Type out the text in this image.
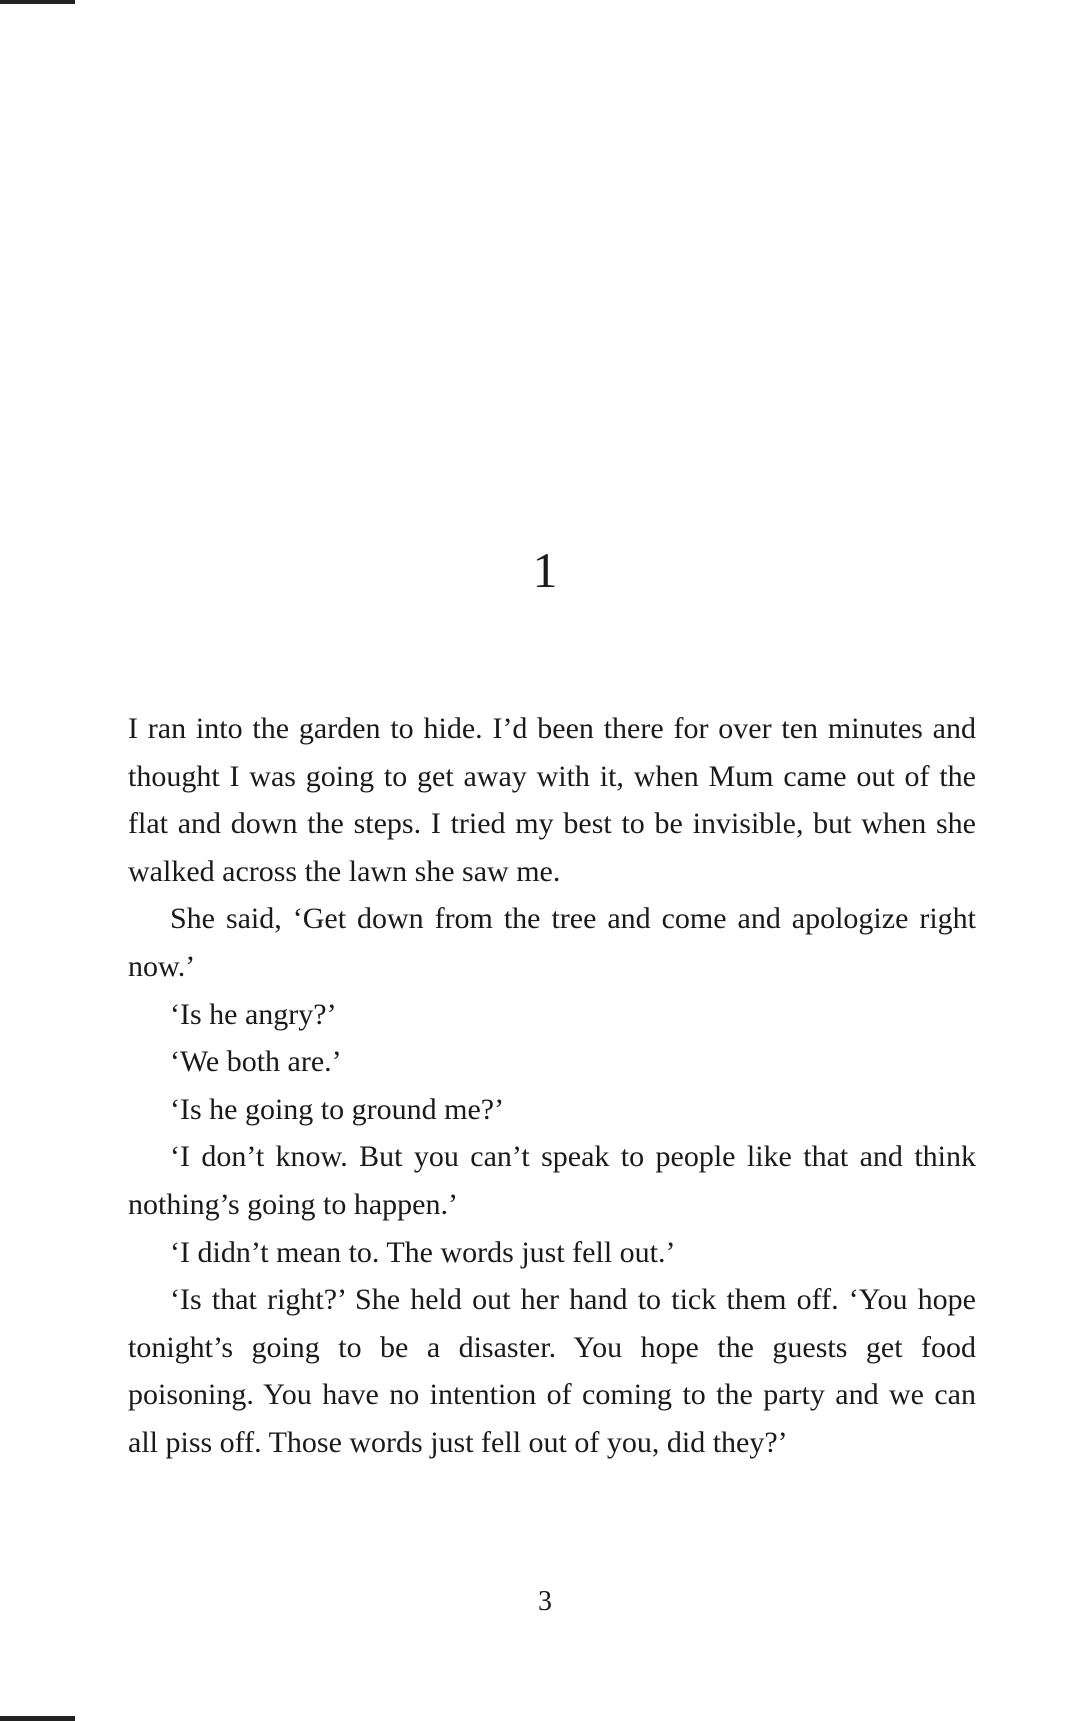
1

I ran into the garden to hide. I’d been there for over ten minutes and thought I was going to get away with it, when Mum came out of the flat and down the steps. I tried my best to be invisible, but when she walked across the lawn she saw me.

She said, ‘Get down from the tree and come and apologize right now.’

‘Is he angry?’

‘We both are.’

‘Is he going to ground me?’

‘I don’t know. But you can’t speak to people like that and think nothing’s going to happen.’

‘I didn’t mean to. The words just fell out.’

‘Is that right?’ She held out her hand to tick them off. ‘You hope tonight’s going to be a disaster. You hope the guests get food poisoning. You have no intention of coming to the party and we can all piss off. Those words just fell out of you, did they?’

3
